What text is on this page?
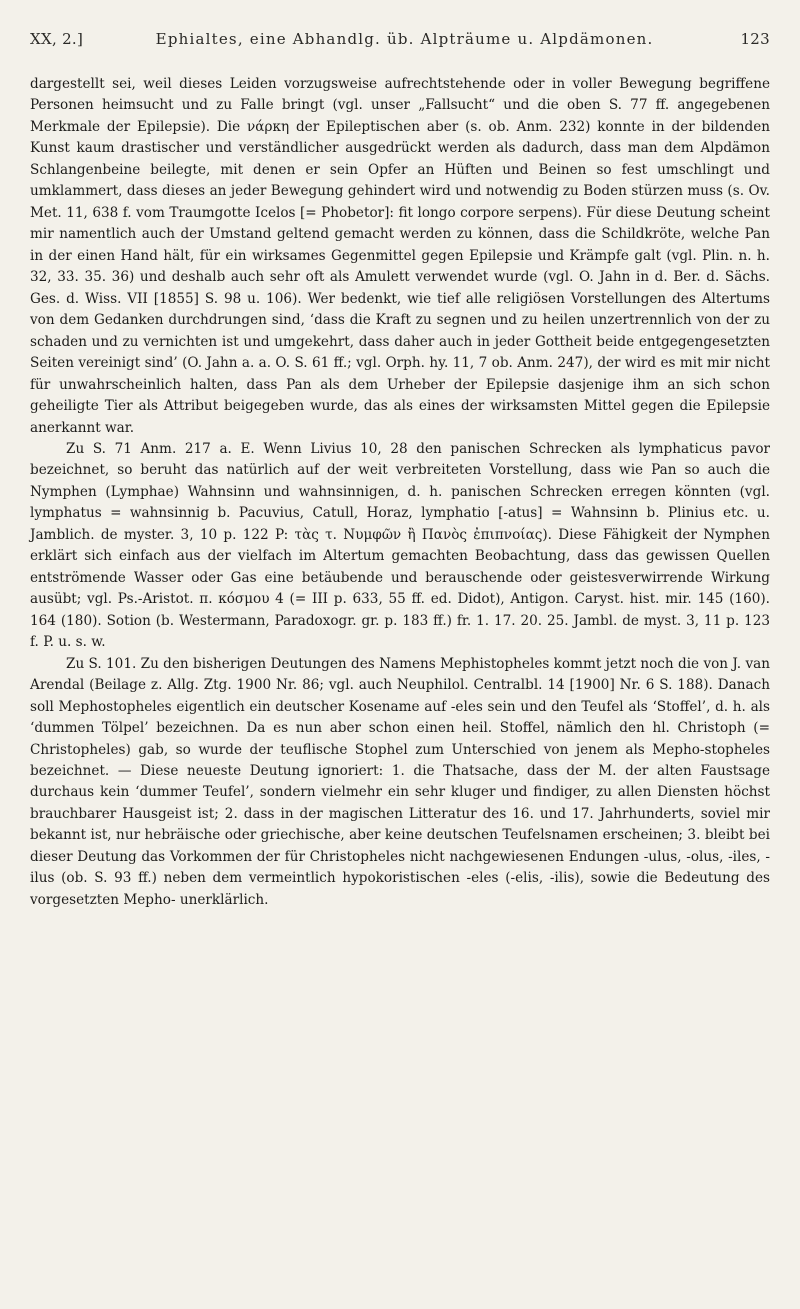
XX, 2.]	Ephialtes, eine Abhandlg. üb. Alpträume u. Alpdämonen.	123

dargestellt sei, weil dieses Leiden vorzugsweise aufrechtstehende oder in voller Bewegung begriffene Personen heimsucht und zu Falle bringt (vgl. unser „Fallsucht“ und die oben S. 77 ff. angegebenen Merkmale der Epilepsie). Die νάρκη der Epileptischen aber (s. ob. Anm. 232) konnte in der bildenden Kunst kaum drastischer und verständlicher ausgedrückt werden als dadurch, dass man dem Alpdämon Schlangenbeine beilegte, mit denen er sein Opfer an Hüften und Beinen so fest umschlingt und umklammert, dass dieses an jeder Bewegung gehindert wird und notwendig zu Boden stürzen muss (s. Ov. Met. 11, 638 f. vom Traumgotte Icelos [= Phobetor]: fit longo corpore serpens). Für diese Deutung scheint mir namentlich auch der Umstand geltend gemacht werden zu können, dass die Schildkröte, welche Pan in der einen Hand hält, für ein wirksames Gegenmittel gegen Epilepsie und Krämpfe galt (vgl. Plin. n. h. 32, 33. 35. 36) und deshalb auch sehr oft als Amulett verwendet wurde (vgl. O. Jahn in d. Ber. d. Sächs. Ges. d. Wiss. VII [1855] S. 98 u. 106). Wer bedenkt, wie tief alle religiösen Vorstellungen des Altertums von dem Gedanken durchdrungen sind, ‘dass die Kraft zu segnen und zu heilen unzertrennlich von der zu schaden und zu vernichten ist und umgekehrt, dass daher auch in jeder Gottheit beide entgegengesetzten Seiten vereinigt sind’ (O. Jahn a. a. O. S. 61 ff.; vgl. Orph. hy. 11, 7 ob. Anm. 247), der wird es mit mir nicht für unwahrscheinlich halten, dass Pan als dem Urheber der Epilepsie dasjenige ihm an sich schon geheiligte Tier als Attribut beigegeben wurde, das als eines der wirksamsten Mittel gegen die Epilepsie anerkannt war.

Zu S. 71 Anm. 217 a. E. Wenn Livius 10, 28 den panischen Schrecken als lymphaticus pavor bezeichnet, so beruht das natürlich auf der weit verbreiteten Vorstellung, dass wie Pan so auch die Nymphen (Lymphae) Wahnsinn und wahnsinnigen, d. h. panischen Schrecken erregen könnten (vgl. lymphatus = wahnsinnig b. Pacuvius, Catull, Horaz, lymphatio [-atus] = Wahnsinn b. Plinius etc. u. Jamblich. de myster. 3, 10 p. 122 P: τὰς τ. Νυμφῶν ἢ Πανὸς ἐπιπνοίας). Diese Fähigkeit der Nymphen erklärt sich einfach aus der vielfach im Altertum gemachten Beobachtung, dass das gewissen Quellen entströmende Wasser oder Gas eine betäubende und berauschende oder geistesverwirrende Wirkung ausübt; vgl. Ps.-Aristot. π. κόσμου 4 (= III p. 633, 55 ff. ed. Didot), Antigon. Caryst. hist. mir. 145 (160). 164 (180). Sotion (b. Westermann, Paradoxogr. gr. p. 183 ff.) fr. 1. 17. 20. 25. Jambl. de myst. 3, 11 p. 123 f. P. u. s. w.

Zu S. 101. Zu den bisherigen Deutungen des Namens Mephistopheles kommt jetzt noch die von J. van Arendal (Beilage z. Allg. Ztg. 1900 Nr. 86; vgl. auch Neuphilol. Centralbl. 14 [1900] Nr. 6 S. 188). Danach soll Mephostopheles eigentlich ein deutscher Kosename auf -eles sein und den Teufel als ‘Stoffel’, d. h. als ‘dummen Tölpel’ bezeichnen. Da es nun aber schon einen heil. Stoffel, nämlich den hl. Christoph (= Christopheles) gab, so wurde der teuflische Stophel zum Unterschied von jenem als Mepho-stopheles bezeichnet. — Diese neueste Deutung ignoriert: 1. die Thatsache, dass der M. der alten Faustsage durchaus kein ‘dummer Teufel’, sondern vielmehr ein sehr kluger und findiger, zu allen Diensten höchst brauchbarer Hausgeist ist; 2. dass in der magischen Litteratur des 16. und 17. Jahrhunderts, soviel mir bekannt ist, nur hebräische oder griechische, aber keine deutschen Teufelsnamen erscheinen; 3. bleibt bei dieser Deutung das Vorkommen der für Christopheles nicht nachgewiesenen Endungen -ulus, -olus, -iles, -ilus (ob. S. 93 ff.) neben dem vermeintlich hypokoristischen -eles (-elis, -ilis), sowie die Bedeutung des vorgesetzten Mepho- unerklärlich.
